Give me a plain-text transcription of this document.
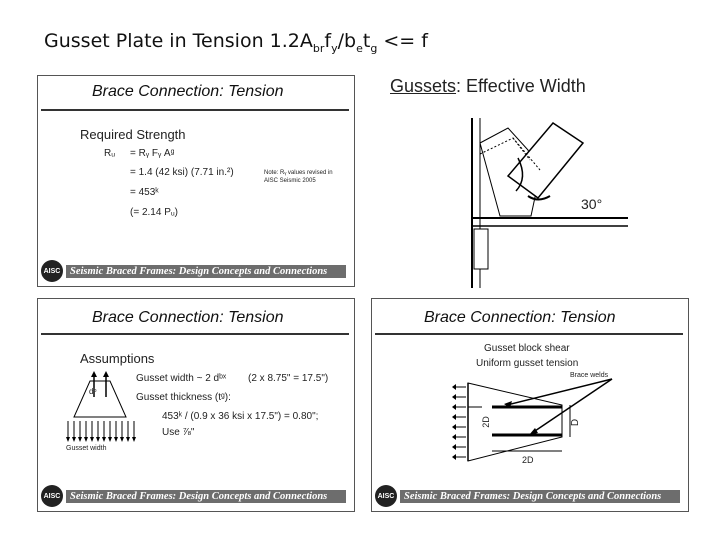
Gusset Plate in Tension $1.2A_{br}f_y/b_et_g <= f$
Brace Connection: Tension
Required Strength
Rᵤ = Rᵧ Fᵧ Aᵍ
= 1.4 (42 ksi) (7.71 in.²)
= 453ᵏ
(= 2.14 Pᵤ)
Note: Rᵧ values revised in
AISC Seismic 2005
AISC Seismic Braced Frames: Design Concepts and Connections
Gussets: Effective Width
30°
Brace Connection: Tension
Assumptions
Gusset width ~ 2 dᵇˣ (2 x 8.75" = 17.5")
Gusset thickness (tᵍ):
453ᵏ / (0.9 x 36 ksi x 17.5") = 0.80";
Use ⅞"
dᵇ
Gusset width
AISC Seismic Braced Frames: Design Concepts and Connections
Brace Connection: Tension
Gusset block shear
Uniform gusset tension
Brace welds
2D	D
2D
AISC Seismic Braced Frames: Design Concepts and Connections
